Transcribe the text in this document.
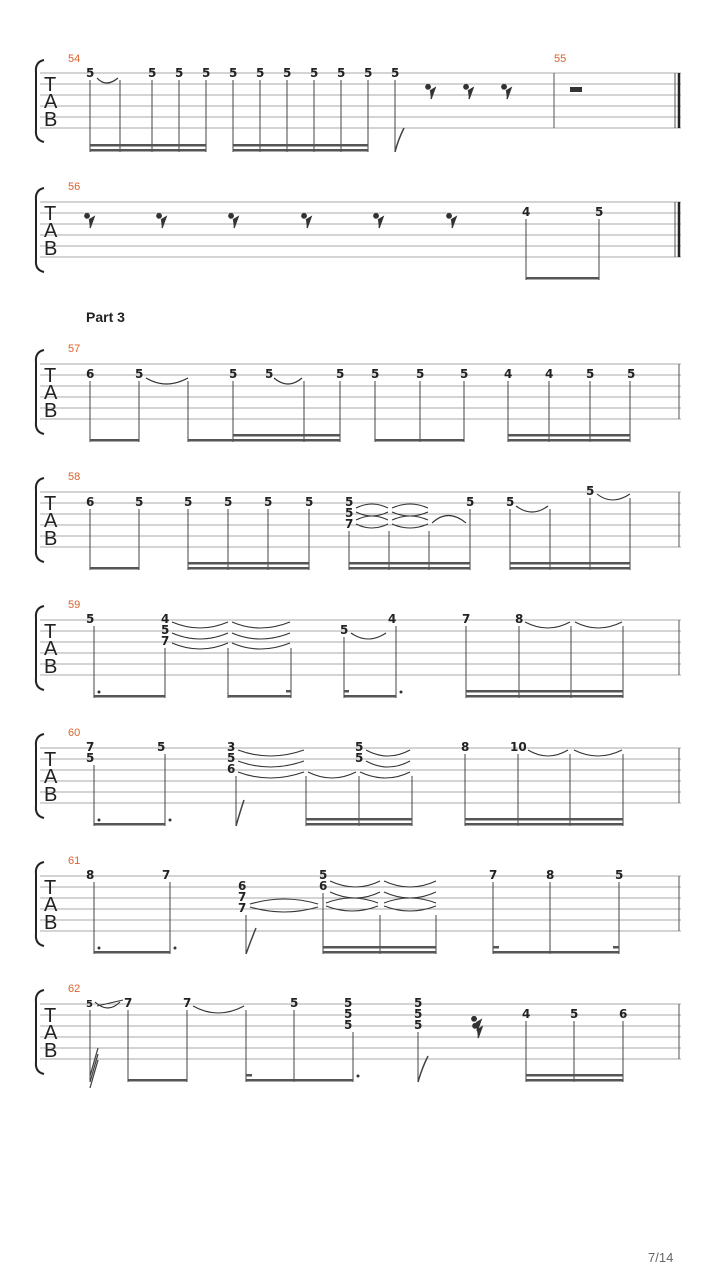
T
A
B
54	55
5	5 5 5 5 5 5 5 5 5 5
T
A
B
56
4	5
T
A
B
57
6	5	5 5	5 5	5	5	4	4	5	5
T
A
B
58
6	5	5	5	5	5	5
5
7
5	5
5
T
A
B
59
5	4
5
7
5
4	7	8
T
A
B
60
7
5
5	3
5
6
5
5
8	10
T
A
B
61
8	7
6
7
7
5
6
7	8	5
T
A
B
62
5	7	7	5	5
5
5
5
5
5
4	5	6
Part 3
7/14
